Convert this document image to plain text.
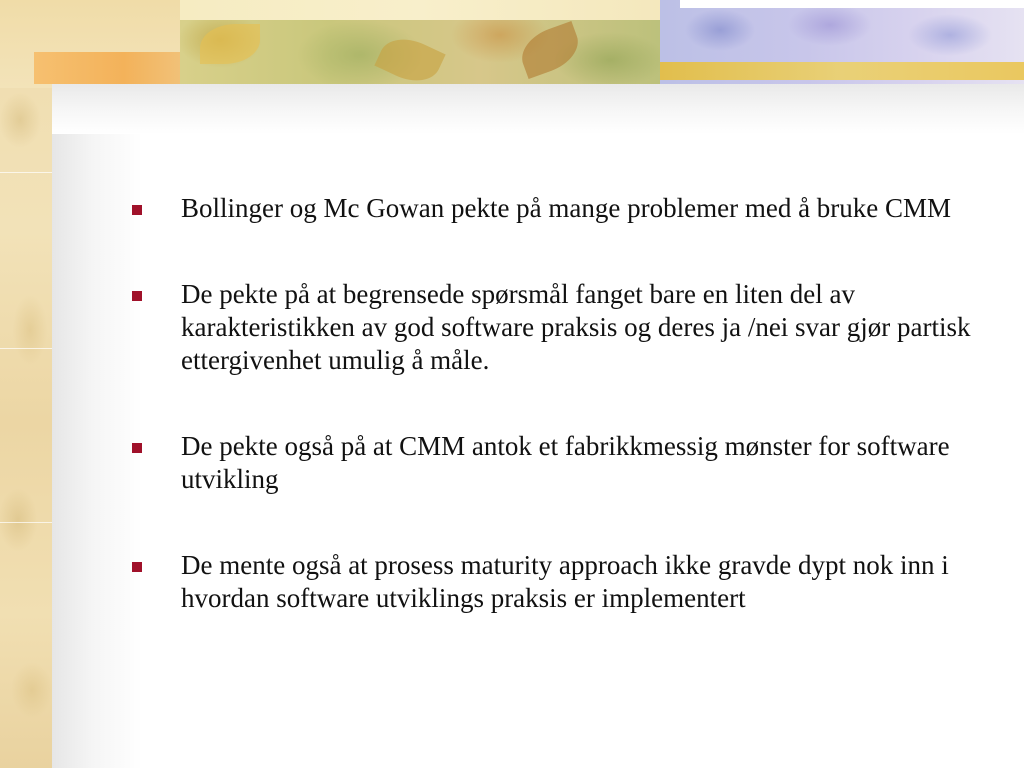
Bollinger og Mc Gowan pekte på mange problemer med å bruke CMM
De pekte på at begrensede spørsmål fanget bare en liten del av karakteristikken av god software praksis og deres ja /nei svar gjør partisk ettergivenhet umulig å måle.
De pekte også på at CMM antok et fabrikkmessig mønster for software utvikling
De mente også at prosess maturity approach ikke gravde dypt nok inn i hvordan software utviklings praksis er implementert
